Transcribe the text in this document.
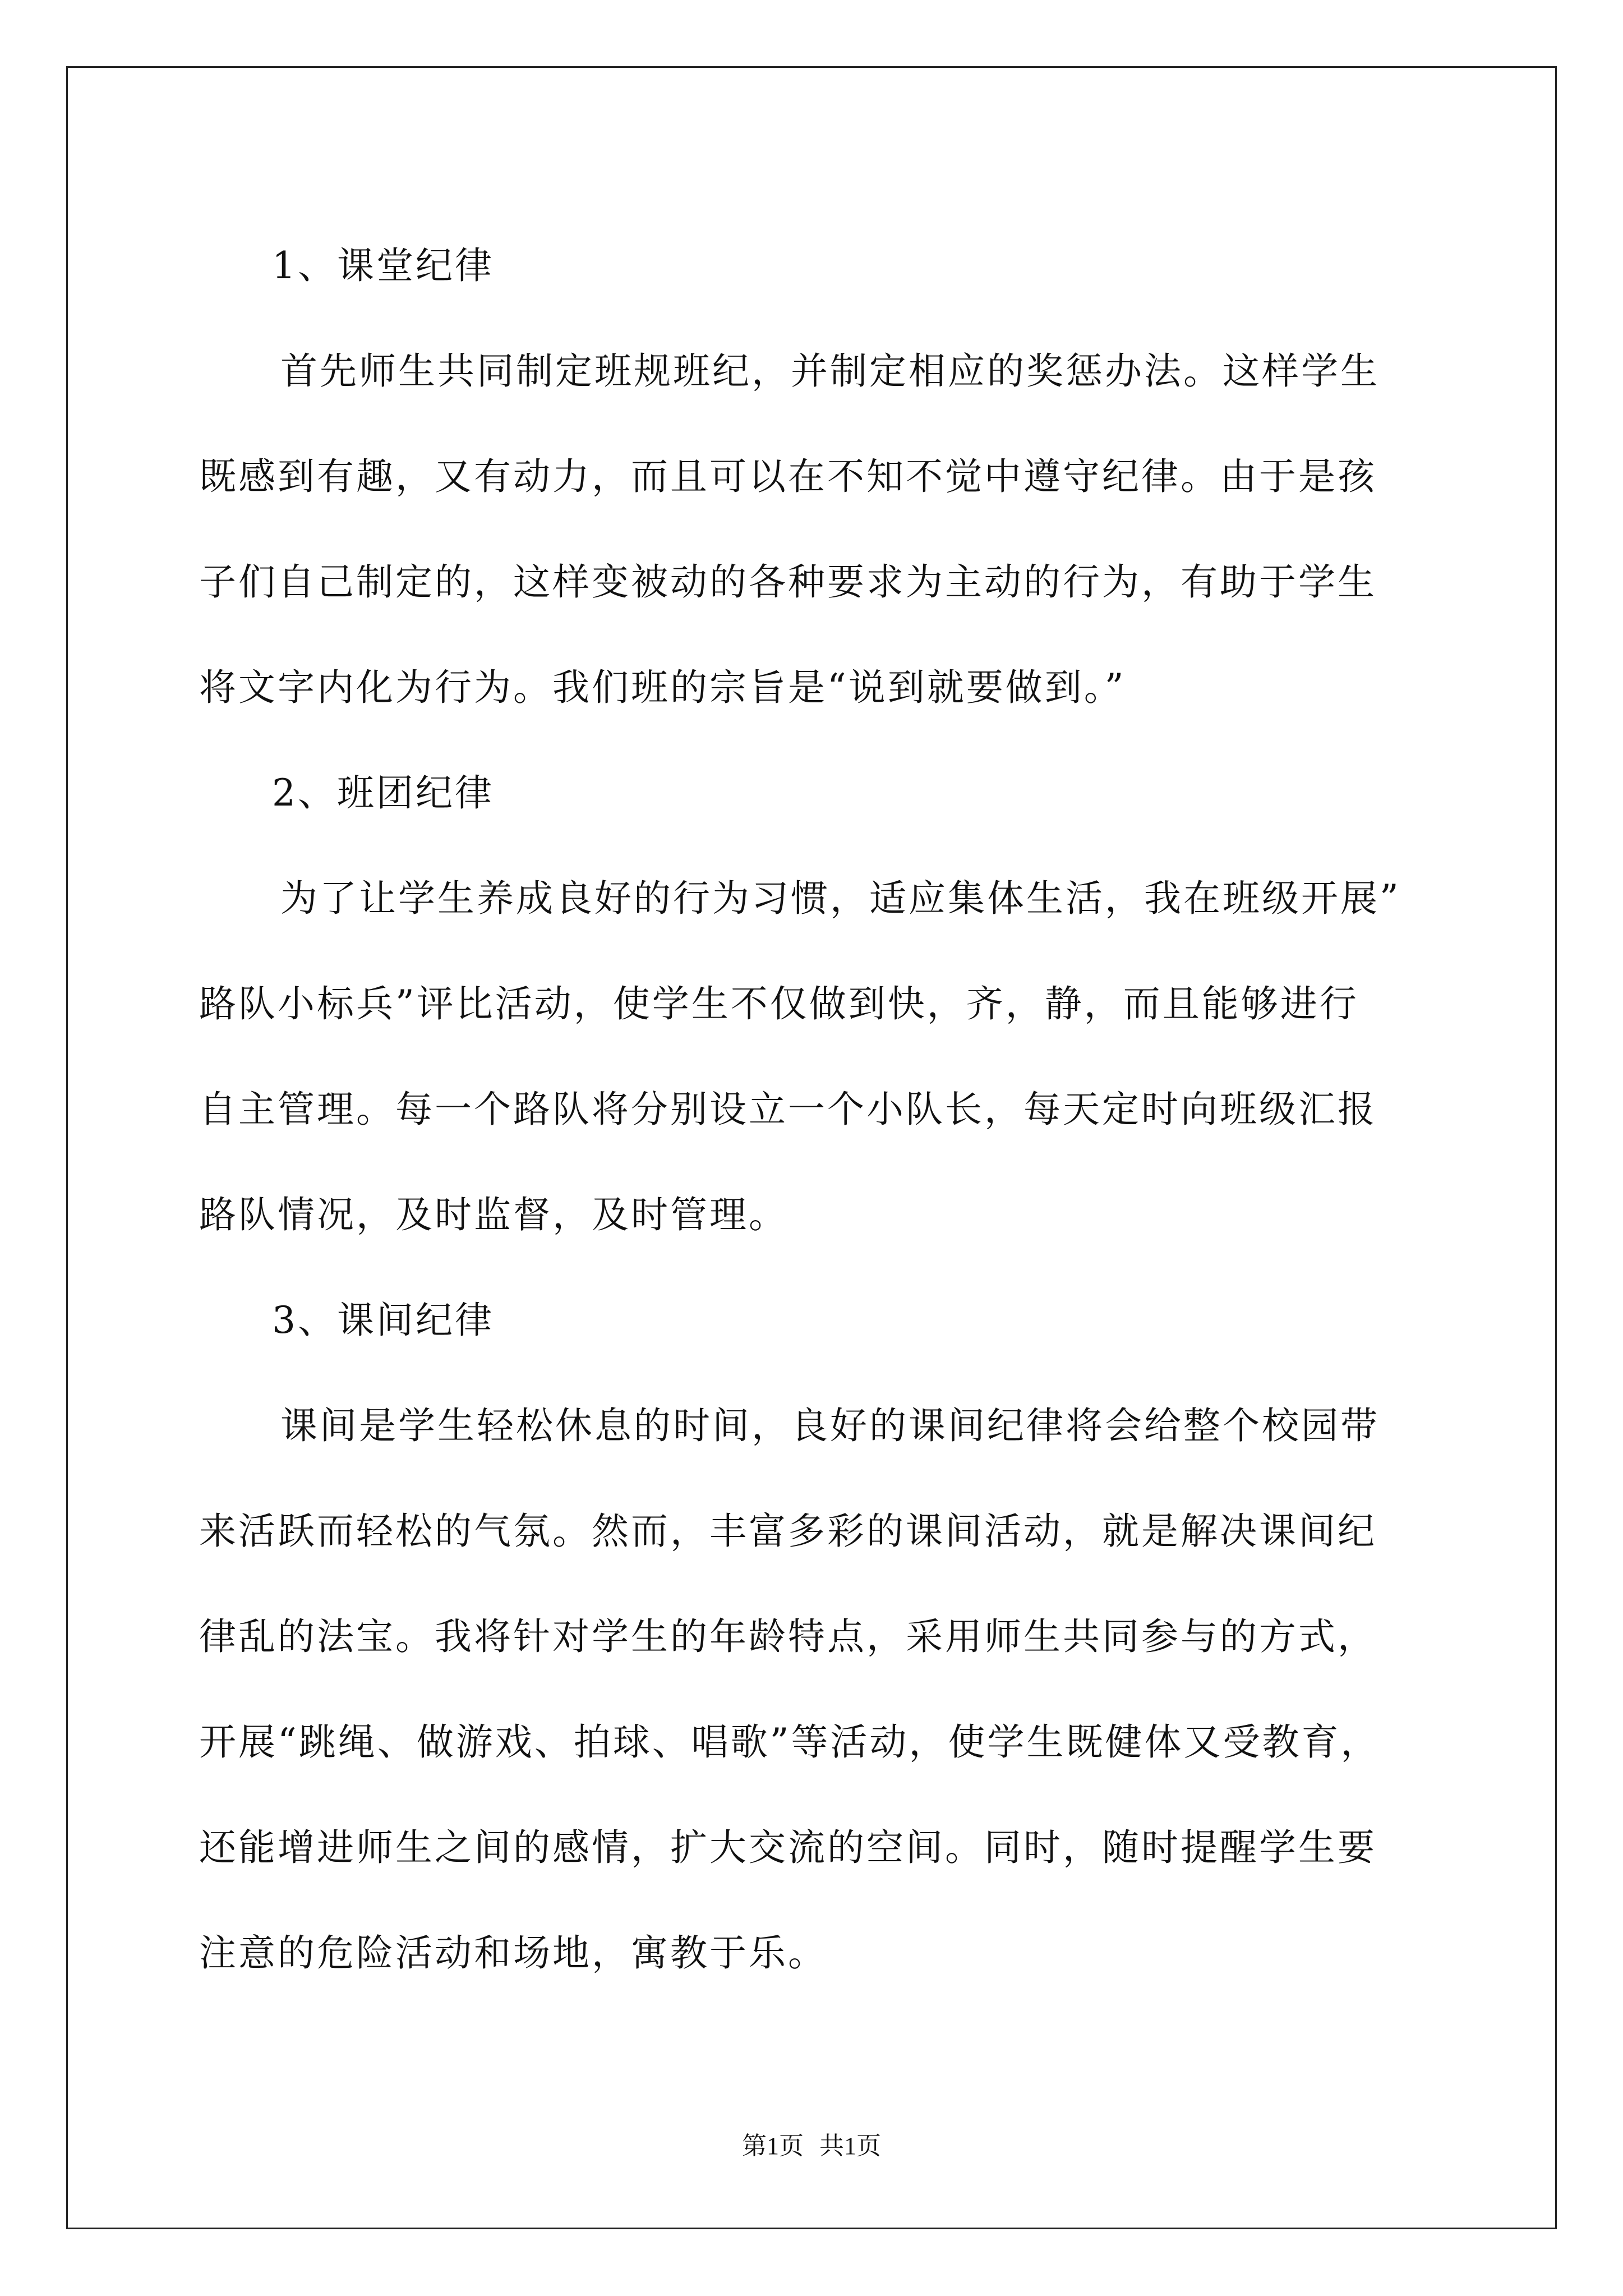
1、课堂纪律
首先师生共同制定班规班纪，并制定相应的奖惩办法。这样学生
既感到有趣，又有动力，而且可以在不知不觉中遵守纪律。由于是孩
子们自己制定的，这样变被动的各种要求为主动的行为，有助于学生
将文字内化为行为。我们班的宗旨是“说到就要做到。”
2、班团纪律
为了让学生养成良好的行为习惯，适应集体生活，我在班级开展”
路队小标兵”评比活动，使学生不仅做到快，齐，静，而且能够进行
自主管理。每一个路队将分别设立一个小队长，每天定时向班级汇报
路队情况，及时监督，及时管理。
3、课间纪律
课间是学生轻松休息的时间，良好的课间纪律将会给整个校园带
来活跃而轻松的气氛。然而，丰富多彩的课间活动，就是解决课间纪
律乱的法宝。我将针对学生的年龄特点，采用师生共同参与的方式，
开展“跳绳、做游戏、拍球、唱歌”等活动，使学生既健体又受教育，
还能增进师生之间的感情，扩大交流的空间。同时，随时提醒学生要
注意的危险活动和场地，寓教于乐。
第1页 共1页
